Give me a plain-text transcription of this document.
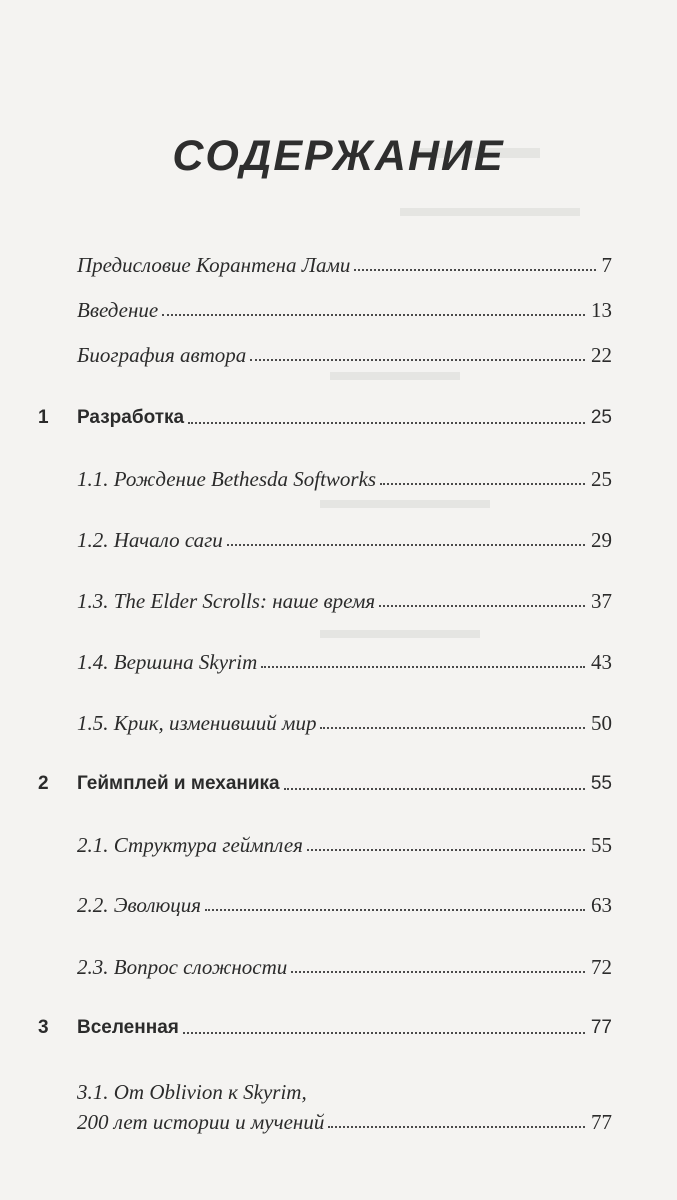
СОДЕРЖАНИЕ
Предисловие Корантена Лами	7
Введение	13
Биография автора	22
1 Разработка	25
1.1. Рождение Bethesda Softworks	25
1.2. Начало саги	29
1.3. The Elder Scrolls: наше время	37
1.4. Вершина Skyrim	43
1.5. Крик, изменивший мир	50
2 Геймплей и механика	55
2.1. Структура геймплея	55
2.2. Эволюция	63
2.3. Вопрос сложности	72
3 Вселенная	77
3.1. От Oblivion к Skyrim,
200 лет истории и мучений	77
